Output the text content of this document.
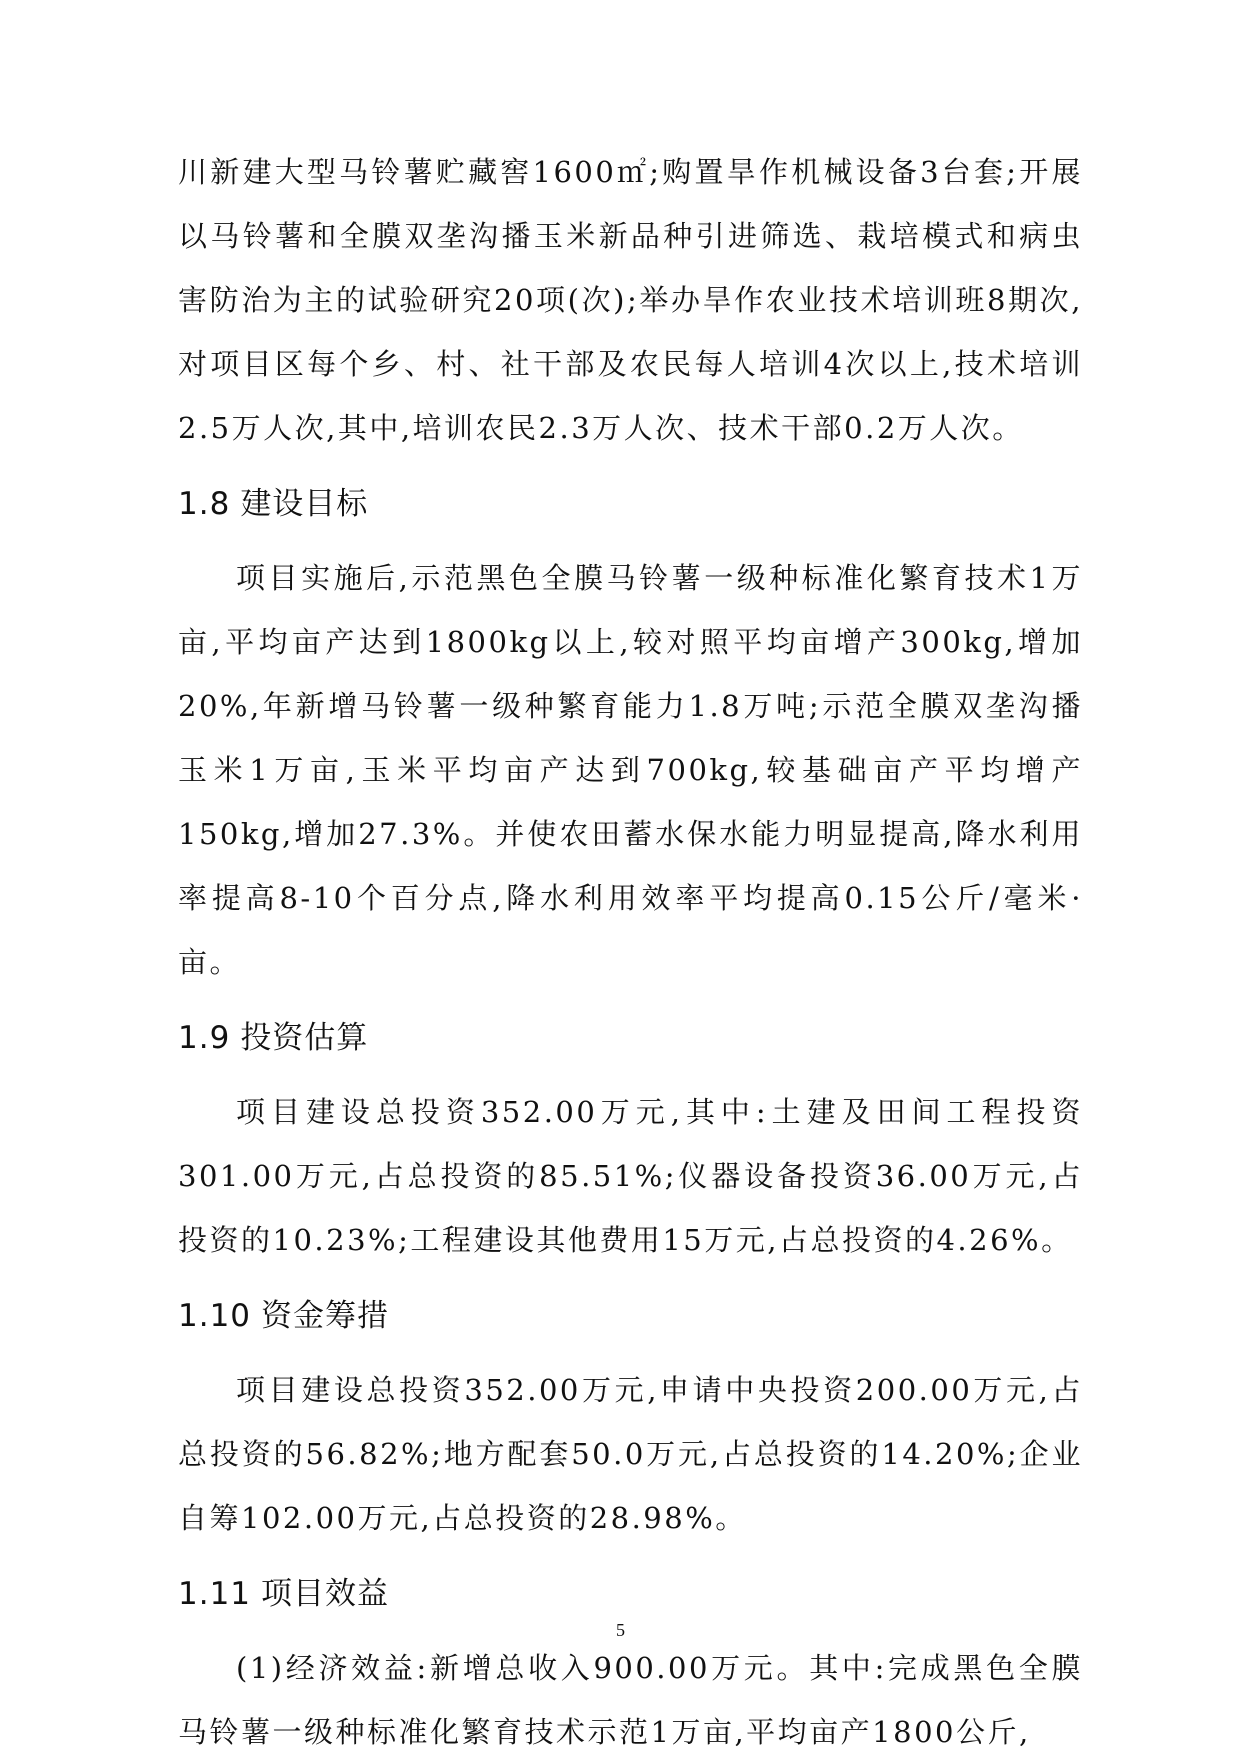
川新建大型马铃薯贮藏窖1600㎡;购置旱作机械设备3台套;开展以马铃薯和全膜双垄沟播玉米新品种引进筛选、栽培模式和病虫害防治为主的试验研究20项(次);举办旱作农业技术培训班8期次,对项目区每个乡、村、社干部及农民每人培训4次以上,技术培训2.5万人次,其中,培训农民2.3万人次、技术干部0.2万人次。

1.8 建设目标

项目实施后,示范黑色全膜马铃薯一级种标准化繁育技术1万亩,平均亩产达到1800kg以上,较对照平均亩增产300kg,增加20%,年新增马铃薯一级种繁育能力1.8万吨;示范全膜双垄沟播玉米1万亩,玉米平均亩产达到700kg,较基础亩产平均增产150kg,增加27.3%。并使农田蓄水保水能力明显提高,降水利用率提高8-10个百分点,降水利用效率平均提高0.15公斤/毫米·亩。

1.9 投资估算

项目建设总投资352.00万元,其中:土建及田间工程投资301.00万元,占总投资的85.51%;仪器设备投资36.00万元,占投资的10.23%;工程建设其他费用15万元,占总投资的4.26%。

1.10 资金筹措

项目建设总投资352.00万元,申请中央投资200.00万元,占总投资的56.82%;地方配套50.0万元,占总投资的14.20%;企业自筹102.00万元,占总投资的28.98%。

1.11 项目效益

(1)经济效益:新增总收入900.00万元。其中:完成黑色全膜马铃薯一级种标准化繁育技术示范1万亩,平均亩产1800公斤,

5
